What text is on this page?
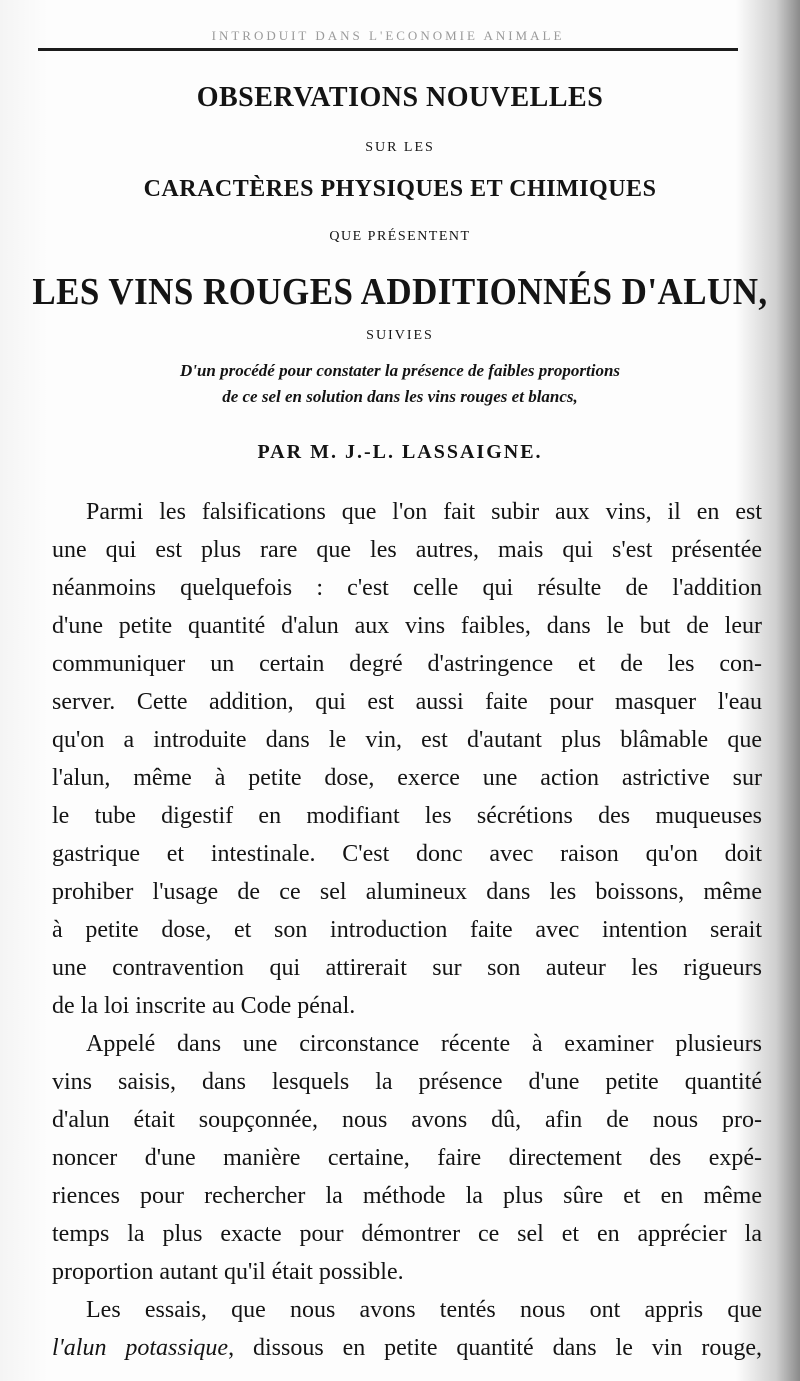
INTRODUIT DANS L'ECONOMIE ANIMALE
OBSERVATIONS NOUVELLES
SUR LES
CARACTÈRES PHYSIQUES ET CHIMIQUES
QUE PRÉSENTENT
LES VINS ROUGES ADDITIONNÉS D'ALUN,
SUIVIES
D'un procédé pour constater la présence de faibles proportions
de ce sel en solution dans les vins rouges et blancs,
PAR M. J.-L. LASSAIGNE.
Parmi les falsifications que l'on fait subir aux vins, il en est
une qui est plus rare que les autres, mais qui s'est présentée
néanmoins quelquefois : c'est celle qui résulte de l'addition
d'une petite quantité d'alun aux vins faibles, dans le but de leur
communiquer un certain degré d'astringence et de les con-
server. Cette addition, qui est aussi faite pour masquer l'eau
qu'on a introduite dans le vin, est d'autant plus blâmable que
l'alun, même à petite dose, exerce une action astrictive sur
le tube digestif en modifiant les sécrétions des muqueuses
gastrique et intestinale. C'est donc avec raison qu'on doit
prohiber l'usage de ce sel alumineux dans les boissons, même
à petite dose, et son introduction faite avec intention serait
une contravention qui attirerait sur son auteur les rigueurs
de la loi inscrite au Code pénal.
Appelé dans une circonstance récente à examiner plusieurs
vins saisis, dans lesquels la présence d'une petite quantité
d'alun était soupçonnée, nous avons dû, afin de nous pro-
noncer d'une manière certaine, faire directement des expé-
riences pour rechercher la méthode la plus sûre et en même
temps la plus exacte pour démontrer ce sel et en apprécier la
proportion autant qu'il était possible.
Les essais, que nous avons tentés nous ont appris que
l'alun potassique, dissous en petite quantité dans le vin rouge,
